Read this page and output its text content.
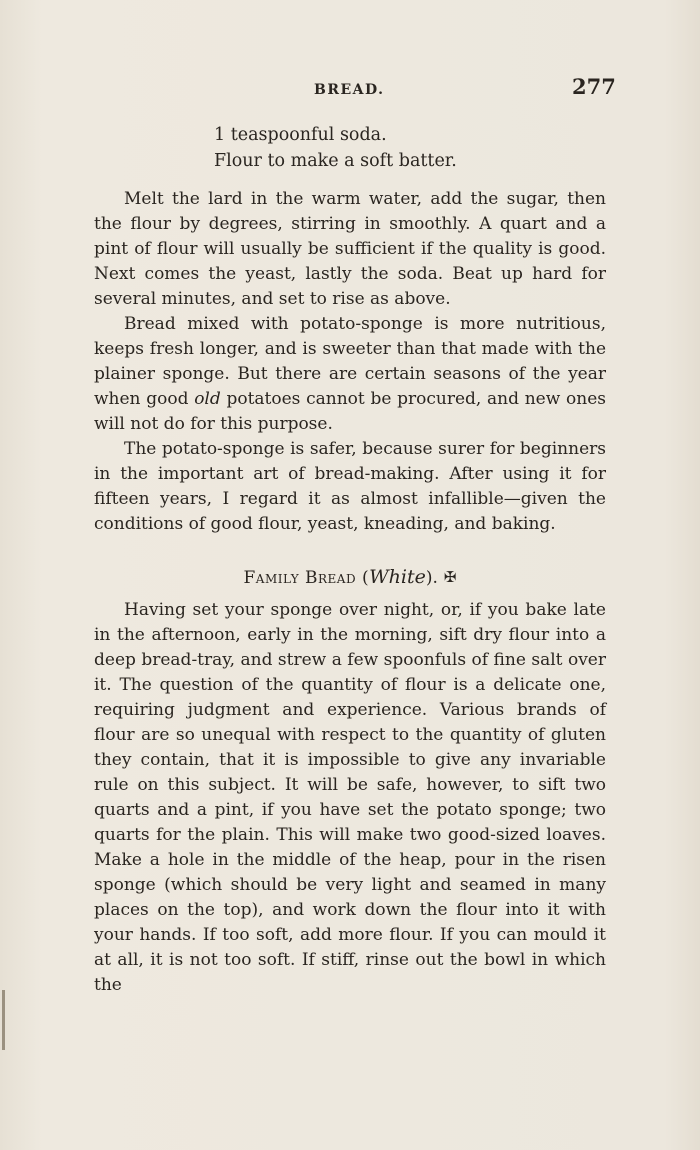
BREAD.	277
1 teaspoonful soda.
Flour to make a soft batter.

Melt the lard in the warm water, add the sugar, then the flour by degrees, stirring in smoothly. A quart and a pint of flour will usually be sufficient if the quality is good. Next comes the yeast, lastly the soda. Beat up hard for several minutes, and set to rise as above.

Bread mixed with potato-sponge is more nutritious, keeps fresh longer, and is sweeter than that made with the plainer sponge. But there are certain seasons of the year when good old potatoes cannot be procured, and new ones will not do for this purpose.

The potato-sponge is safer, because surer for beginners in the important art of bread-making. After using it for fifteen years, I regard it as almost infallible—given the conditions of good flour, yeast, kneading, and baking.

Family Bread (White). ✠

Having set your sponge over night, or, if you bake late in the afternoon, early in the morning, sift dry flour into a deep bread-tray, and strew a few spoonfuls of fine salt over it. The question of the quantity of flour is a delicate one, requiring judgment and experience. Various brands of flour are so unequal with respect to the quantity of gluten they contain, that it is impossible to give any invariable rule on this subject. It will be safe, however, to sift two quarts and a pint, if you have set the potato sponge; two quarts for the plain. This will make two good-sized loaves. Make a hole in the middle of the heap, pour in the risen sponge (which should be very light and seamed in many places on the top), and work down the flour into it with your hands. If too soft, add more flour. If you can mould it at all, it is not too soft. If stiff, rinse out the bowl in which the
